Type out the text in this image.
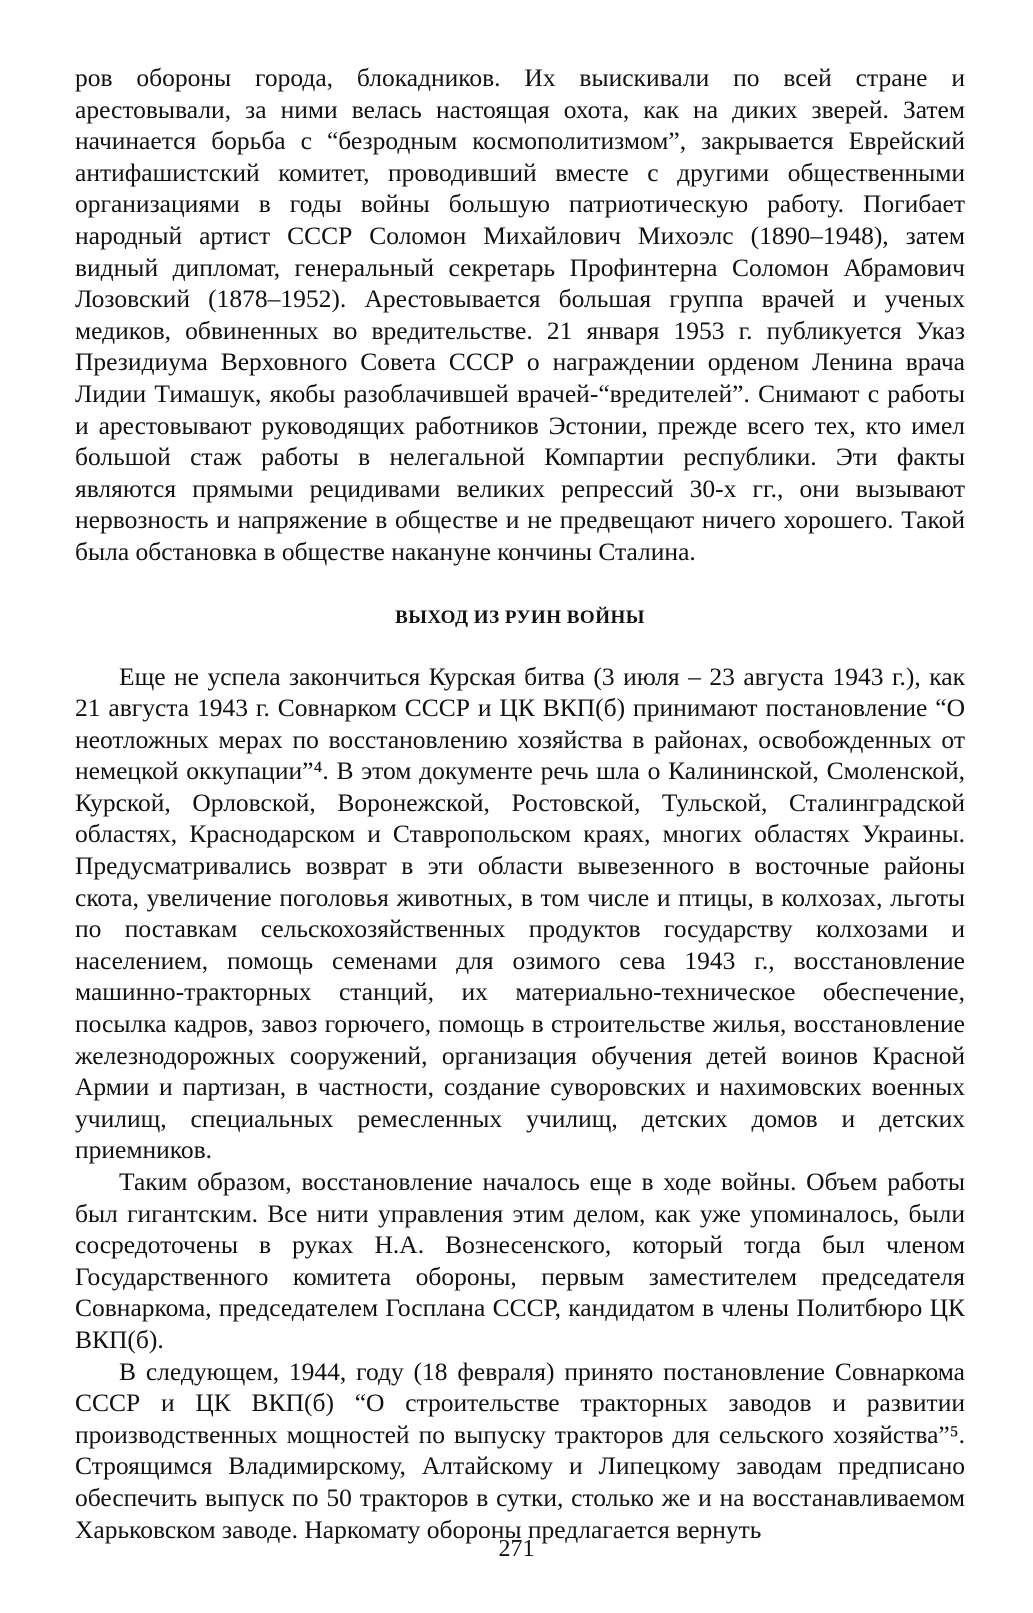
ров обороны города, блокадников. Их выискивали по всей стране и арестовывали, за ними велась настоящая охота, как на диких зверей. Затем начинается борьба с “безродным космополитизмом”, закрывается Еврейский антифашистский комитет, проводивший вместе с другими общественными организациями в годы войны большую патриотическую работу. Погибает народный артист СССР Соломон Михайлович Михоэлс (1890–1948), затем видный дипломат, генеральный секретарь Профинтерна Соломон Абрамович Лозовский (1878–1952). Арестовывается большая группа врачей и ученых медиков, обвиненных во вредительстве. 21 января 1953 г. публикуется Указ Президиума Верховного Совета СССР о награждении орденом Ленина врача Лидии Тимашук, якобы разоблачившей врачей-“вредителей”. Снимают с работы и арестовывают руководящих работников Эстонии, прежде всего тех, кто имел большой стаж работы в нелегальной Компартии республики. Эти факты являются прямыми рецидивами великих репрессий 30-х гг., они вызывают нервозность и напряжение в обществе и не предвещают ничего хорошего. Такой была обстановка в обществе накануне кончины Сталина.

ВЫХОД ИЗ РУИН ВОЙНЫ

Еще не успела закончиться Курская битва (3 июля – 23 августа 1943 г.), как 21 августа 1943 г. Совнарком СССР и ЦК ВКП(б) принимают постановление “О неотложных мерах по восстановлению хозяйства в районах, освобожденных от немецкой оккупации”⁴. В этом документе речь шла о Калининской, Смоленской, Курской, Орловской, Воронежской, Ростовской, Тульской, Сталинградской областях, Краснодарском и Ставропольском краях, многих областях Украины. Предусматривались возврат в эти области вывезенного в восточные районы скота, увеличение поголовья животных, в том числе и птицы, в колхозах, льготы по поставкам сельскохозяйственных продуктов государству колхозами и населением, помощь семенами для озимого сева 1943 г., восстановление машинно-тракторных станций, их материально-техническое обеспечение, посылка кадров, завоз горючего, помощь в строительстве жилья, восстановление железнодорожных сооружений, организация обучения детей воинов Красной Армии и партизан, в частности, создание суворовских и нахимовских военных училищ, специальных ремесленных училищ, детских домов и детских приемников.

Таким образом, восстановление началось еще в ходе войны. Объем работы был гигантским. Все нити управления этим делом, как уже упоминалось, были сосредоточены в руках Н.А. Вознесенского, который тогда был членом Государственного комитета обороны, первым заместителем председателя Совнаркома, председателем Госплана СССР, кандидатом в члены Политбюро ЦК ВКП(б).

В следующем, 1944, году (18 февраля) принято постановление Совнаркома СССР и ЦК ВКП(б) “О строительстве тракторных заводов и развитии производственных мощностей по выпуску тракторов для сельского хозяйства”⁵. Строящимся Владимирскому, Алтайскому и Липецкому заводам предписано обеспечить выпуск по 50 тракторов в сутки, столько же и на восстанавливаемом Харьковском заводе. Наркомату обороны предлагается вернуть

271
